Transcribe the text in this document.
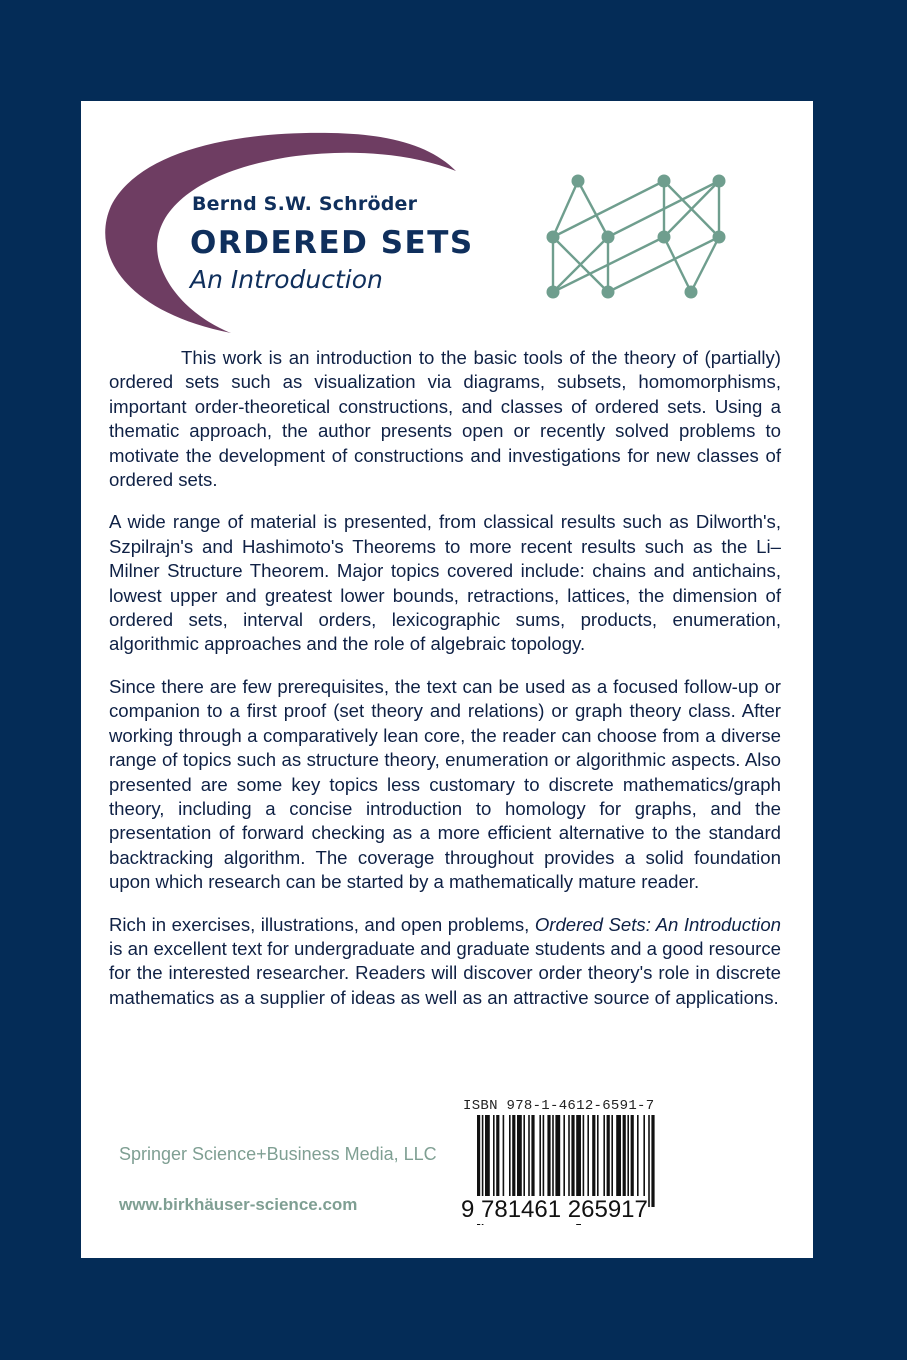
Bernd S.W. Schröder
ORDERED SETS
An Introduction

This work is an introduction to the basic tools of the theory of (partially) ordered sets such as visualization via diagrams, subsets, homomorphisms, important order-theoretical constructions, and classes of ordered sets. Using a thematic approach, the author presents open or recently solved problems to motivate the development of constructions and investigations for new classes of ordered sets.

A wide range of material is presented, from classical results such as Dilworth's, Szpilrajn's and Hashimoto's Theorems to more recent results such as the Li–Milner Structure Theorem. Major topics covered include: chains and antichains, lowest upper and greatest lower bounds, retractions, lattices, the dimension of ordered sets, interval orders, lexicographic sums, products, enumeration, algorithmic approaches and the role of algebraic topology.

Since there are few prerequisites, the text can be used as a focused follow-up or companion to a first proof (set theory and relations) or graph theory class. After working through a comparatively lean core, the reader can choose from a diverse range of topics such as structure theory, enumeration or algorithmic aspects. Also presented are some key topics less customary to discrete mathematics/graph theory, including a concise introduction to homology for graphs, and the presentation of forward checking as a more efficient alternative to the standard backtracking algorithm. The coverage throughout provides a solid foundation upon which research can be started by a mathematically mature reader.

Rich in exercises, illustrations, and open problems, Ordered Sets: An Introduction is an excellent text for undergraduate and graduate students and a good resource for the interested researcher. Readers will discover order theory's role in discrete mathematics as a supplier of ideas as well as an attractive source of applications.

Springer Science+Business Media, LLC
www.birkhäuser-science.com
ISBN 978-1-4612-6591-7
9 781461 265917
